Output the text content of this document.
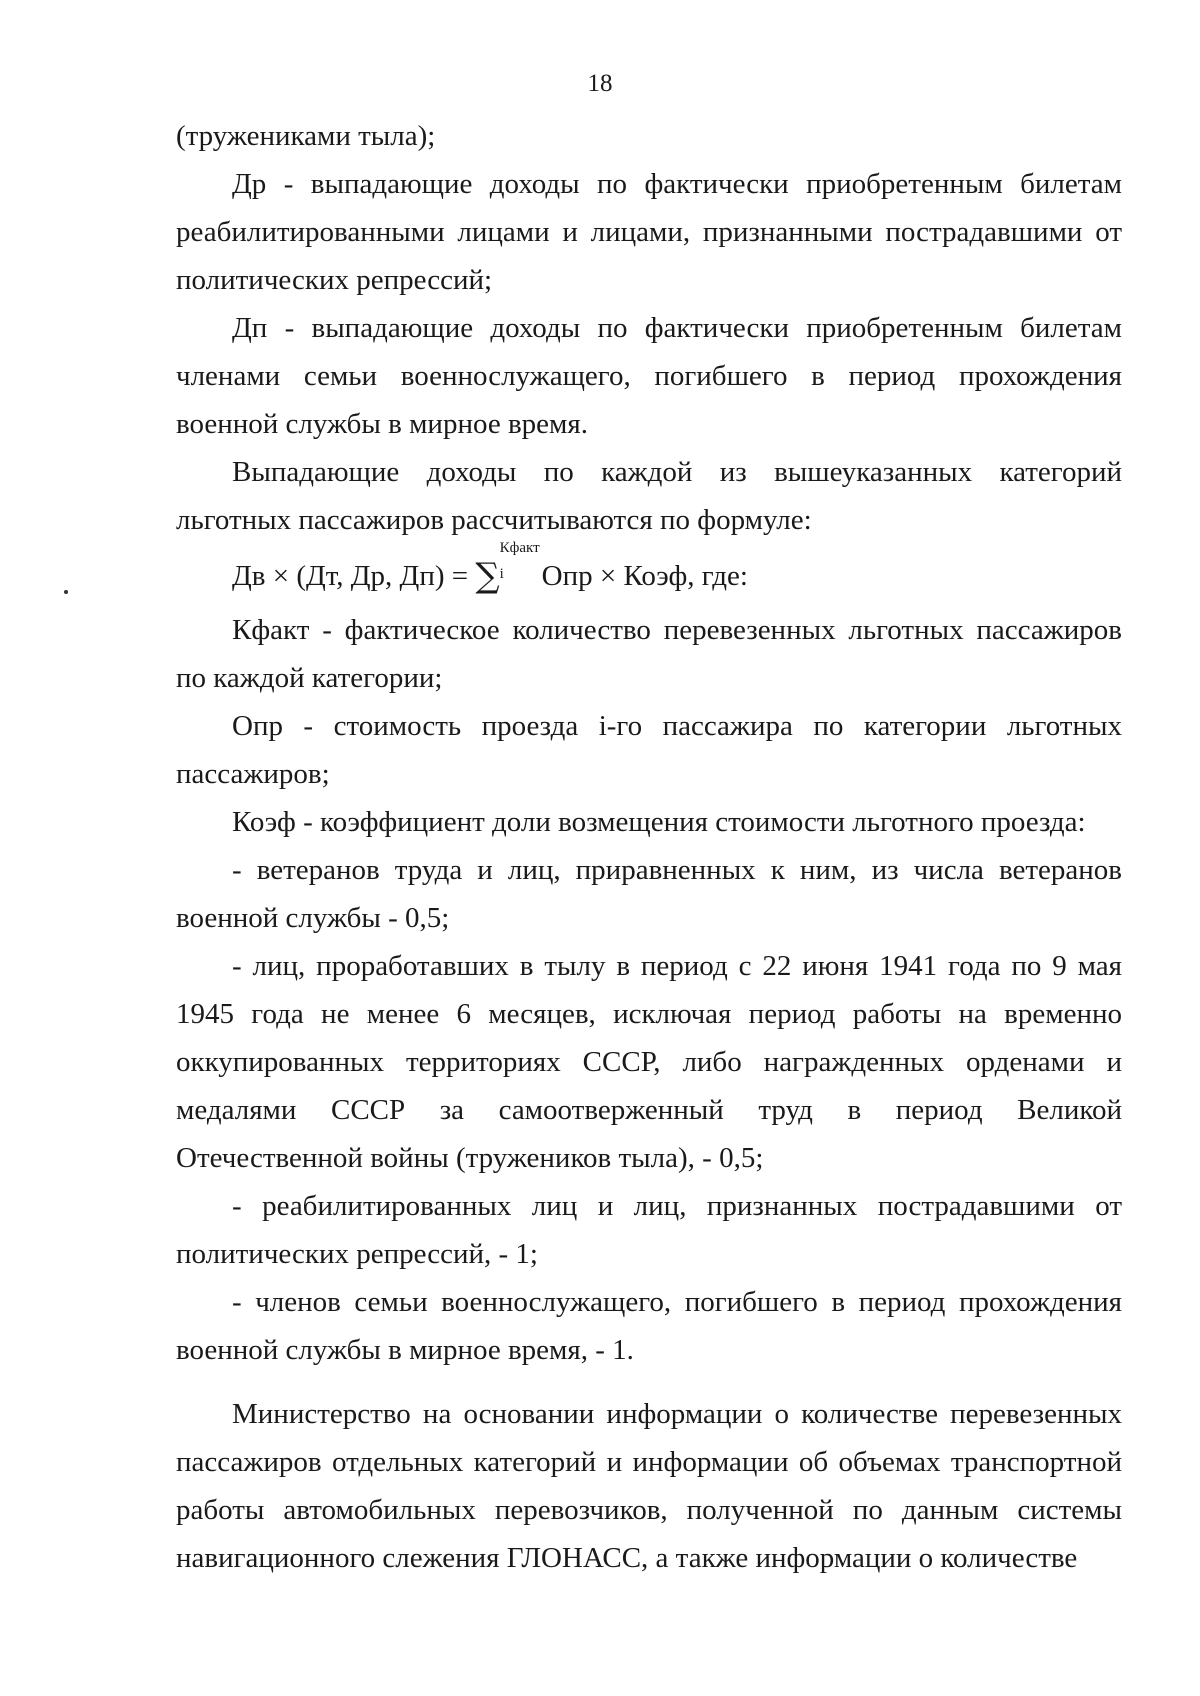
18

(тружениками тыла);

Др - выпадающие доходы по фактически приобретенным билетам реабилитированными лицами и лицами, признанными пострадавшими от политических репрессий;

Дп - выпадающие доходы по фактически приобретенным билетам членами семьи военнослужащего, погибшего в период прохождения военной службы в мирное время.

Выпадающие доходы по каждой из вышеуказанных категорий льготных пассажиров рассчитываются по формуле:

Дв × (Дт, Др, Дп) = ∑
Кфакт
i Опр × Коэф, где:

Кфакт - фактическое количество перевезенных льготных пассажиров по каждой категории;

Опр - стоимость проезда i-го пассажира по категории льготных пассажиров;

Коэф - коэффициент доли возмещения стоимости льготного проезда:

- ветеранов труда и лиц, приравненных к ним, из числа ветеранов военной службы - 0,5;

- лиц, проработавших в тылу в период с 22 июня 1941 года по 9 мая 1945 года не менее 6 месяцев, исключая период работы на временно оккупированных территориях СССР, либо награжденных орденами и медалями СССР за самоотверженный труд в период Великой Отечественной войны (тружеников тыла), - 0,5;

- реабилитированных лиц и лиц, признанных пострадавшими от политических репрессий, - 1;

- членов семьи военнослужащего, погибшего в период прохождения военной службы в мирное время, - 1.

Министерство на основании информации о количестве перевезенных пассажиров отдельных категорий и информации об объемах транспортной работы автомобильных перевозчиков, полученной по данным системы навигационного слежения ГЛОНАСС, а также информации о количестве
